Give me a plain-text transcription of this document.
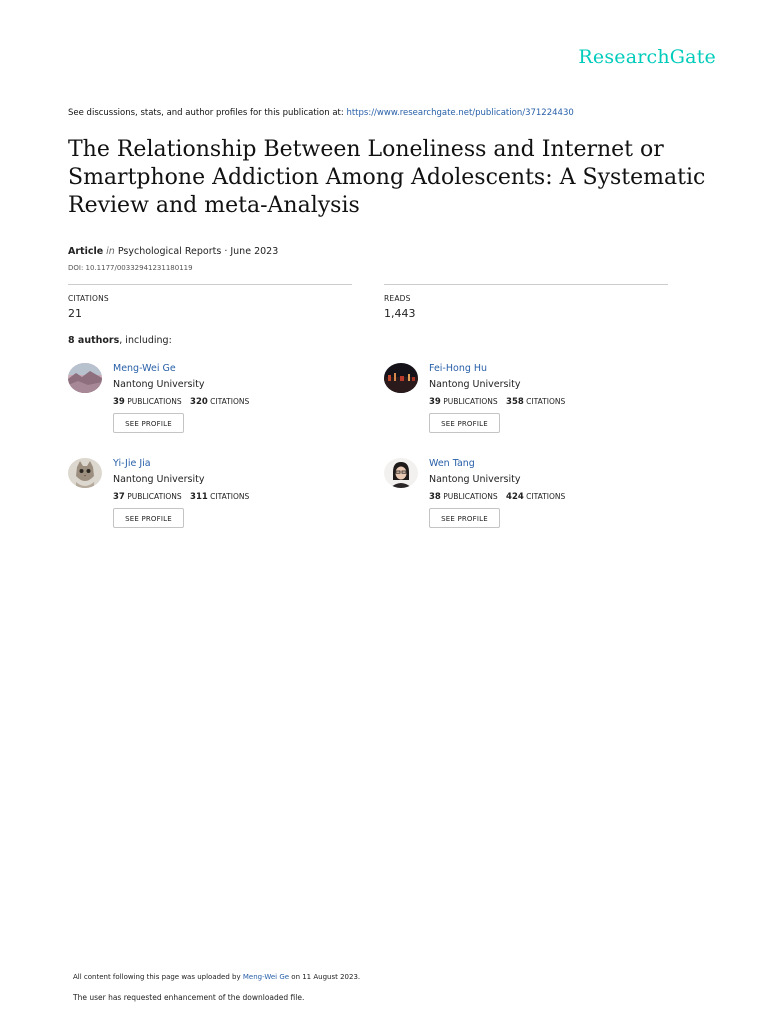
ResearchGate
See discussions, stats, and author profiles for this publication at: https://www.researchgate.net/publication/371224430
The Relationship Between Loneliness and Internet or Smartphone Addiction Among Adolescents: A Systematic Review and meta-Analysis
Article in Psychological Reports · June 2023
DOI: 10.1177/00332941231180119
CITATIONS
21
READS
1,443
8 authors, including:
Meng-Wei Ge
Nantong University
39 PUBLICATIONS 320 CITATIONS
SEE PROFILE
Fei-Hong Hu
Nantong University
39 PUBLICATIONS 358 CITATIONS
SEE PROFILE
Yi-Jie Jia
Nantong University
37 PUBLICATIONS 311 CITATIONS
SEE PROFILE
Wen Tang
Nantong University
38 PUBLICATIONS 424 CITATIONS
SEE PROFILE
All content following this page was uploaded by Meng-Wei Ge on 11 August 2023.
The user has requested enhancement of the downloaded file.
